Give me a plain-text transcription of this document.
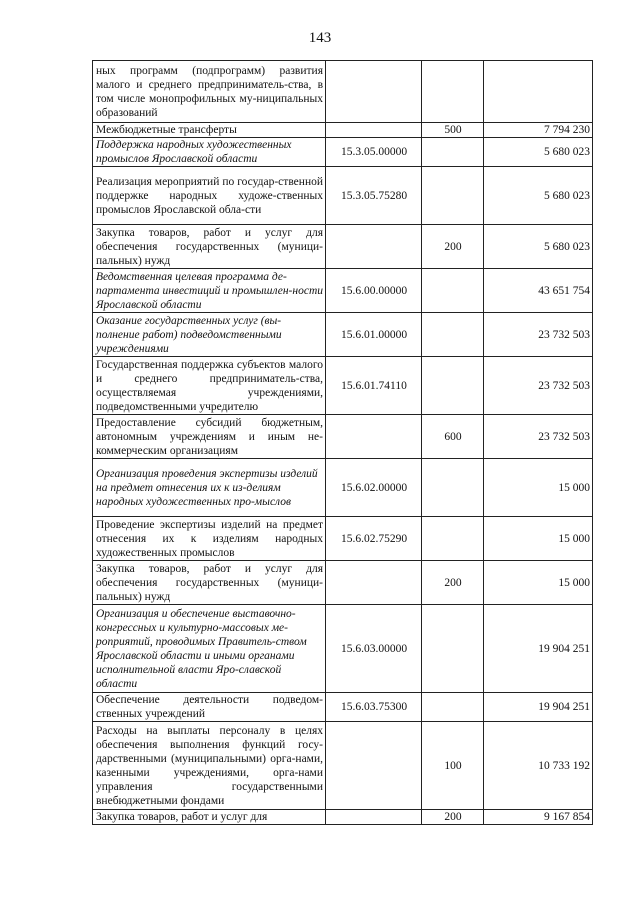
143
ных программ (подпрограмм) развития малого и среднего предприниматель-ства, в том числе монопрофильных му-ниципальных образований			
Межбюджетные трансферты		500	7 794 230
Поддержка народных художественных промыслов Ярославской области	15.3.05.00000		5 680 023
Реализация мероприятий по государ-ственной поддержке народных художе-ственных промыслов Ярославской обла-сти	15.3.05.75280		5 680 023
Закупка товаров, работ и услуг для обеспечения государственных (муници-пальных) нужд		200	5 680 023
Ведомственная целевая программа де-партамента инвестиций и промышлен-ности Ярославской области	15.6.00.00000		43 651 754
Оказание государственных услуг (вы-полнение работ) подведомственными учреждениями	15.6.01.00000		23 732 503
Государственная поддержка субъектов малого и среднего предприниматель-ства, осуществляемая учреждениями, подведомственными учредителю	15.6.01.74110		23 732 503
Предоставление субсидий бюджетным, автономным учреждениям и иным не-коммерческим организациям		600	23 732 503
Организация проведения экспертизы изделий на предмет отнесения их к из-делиям народных художественных про-мыслов	15.6.02.00000		15 000
Проведение экспертизы изделий на предмет отнесения их к изделиям народных художественных промыслов	15.6.02.75290		15 000
Закупка товаров, работ и услуг для обеспечения государственных (муници-пальных) нужд		200	15 000
Организация и обеспечение выставочно-конгрессных и культурно-массовых ме-роприятий, проводимых Правитель-ством Ярославской области и иными органами исполнительной власти Яро-славской области	15.6.03.00000		19 904 251
Обеспечение деятельности подведом-ственных учреждений	15.6.03.75300		19 904 251
Расходы на выплаты персоналу в целях обеспечения выполнения функций госу-дарственными (муниципальными) орга-нами, казенными учреждениями, орга-нами управления государственными внебюджетными фондами		100	10 733 192
Закупка товаров, работ и услуг для		200	9 167 854
